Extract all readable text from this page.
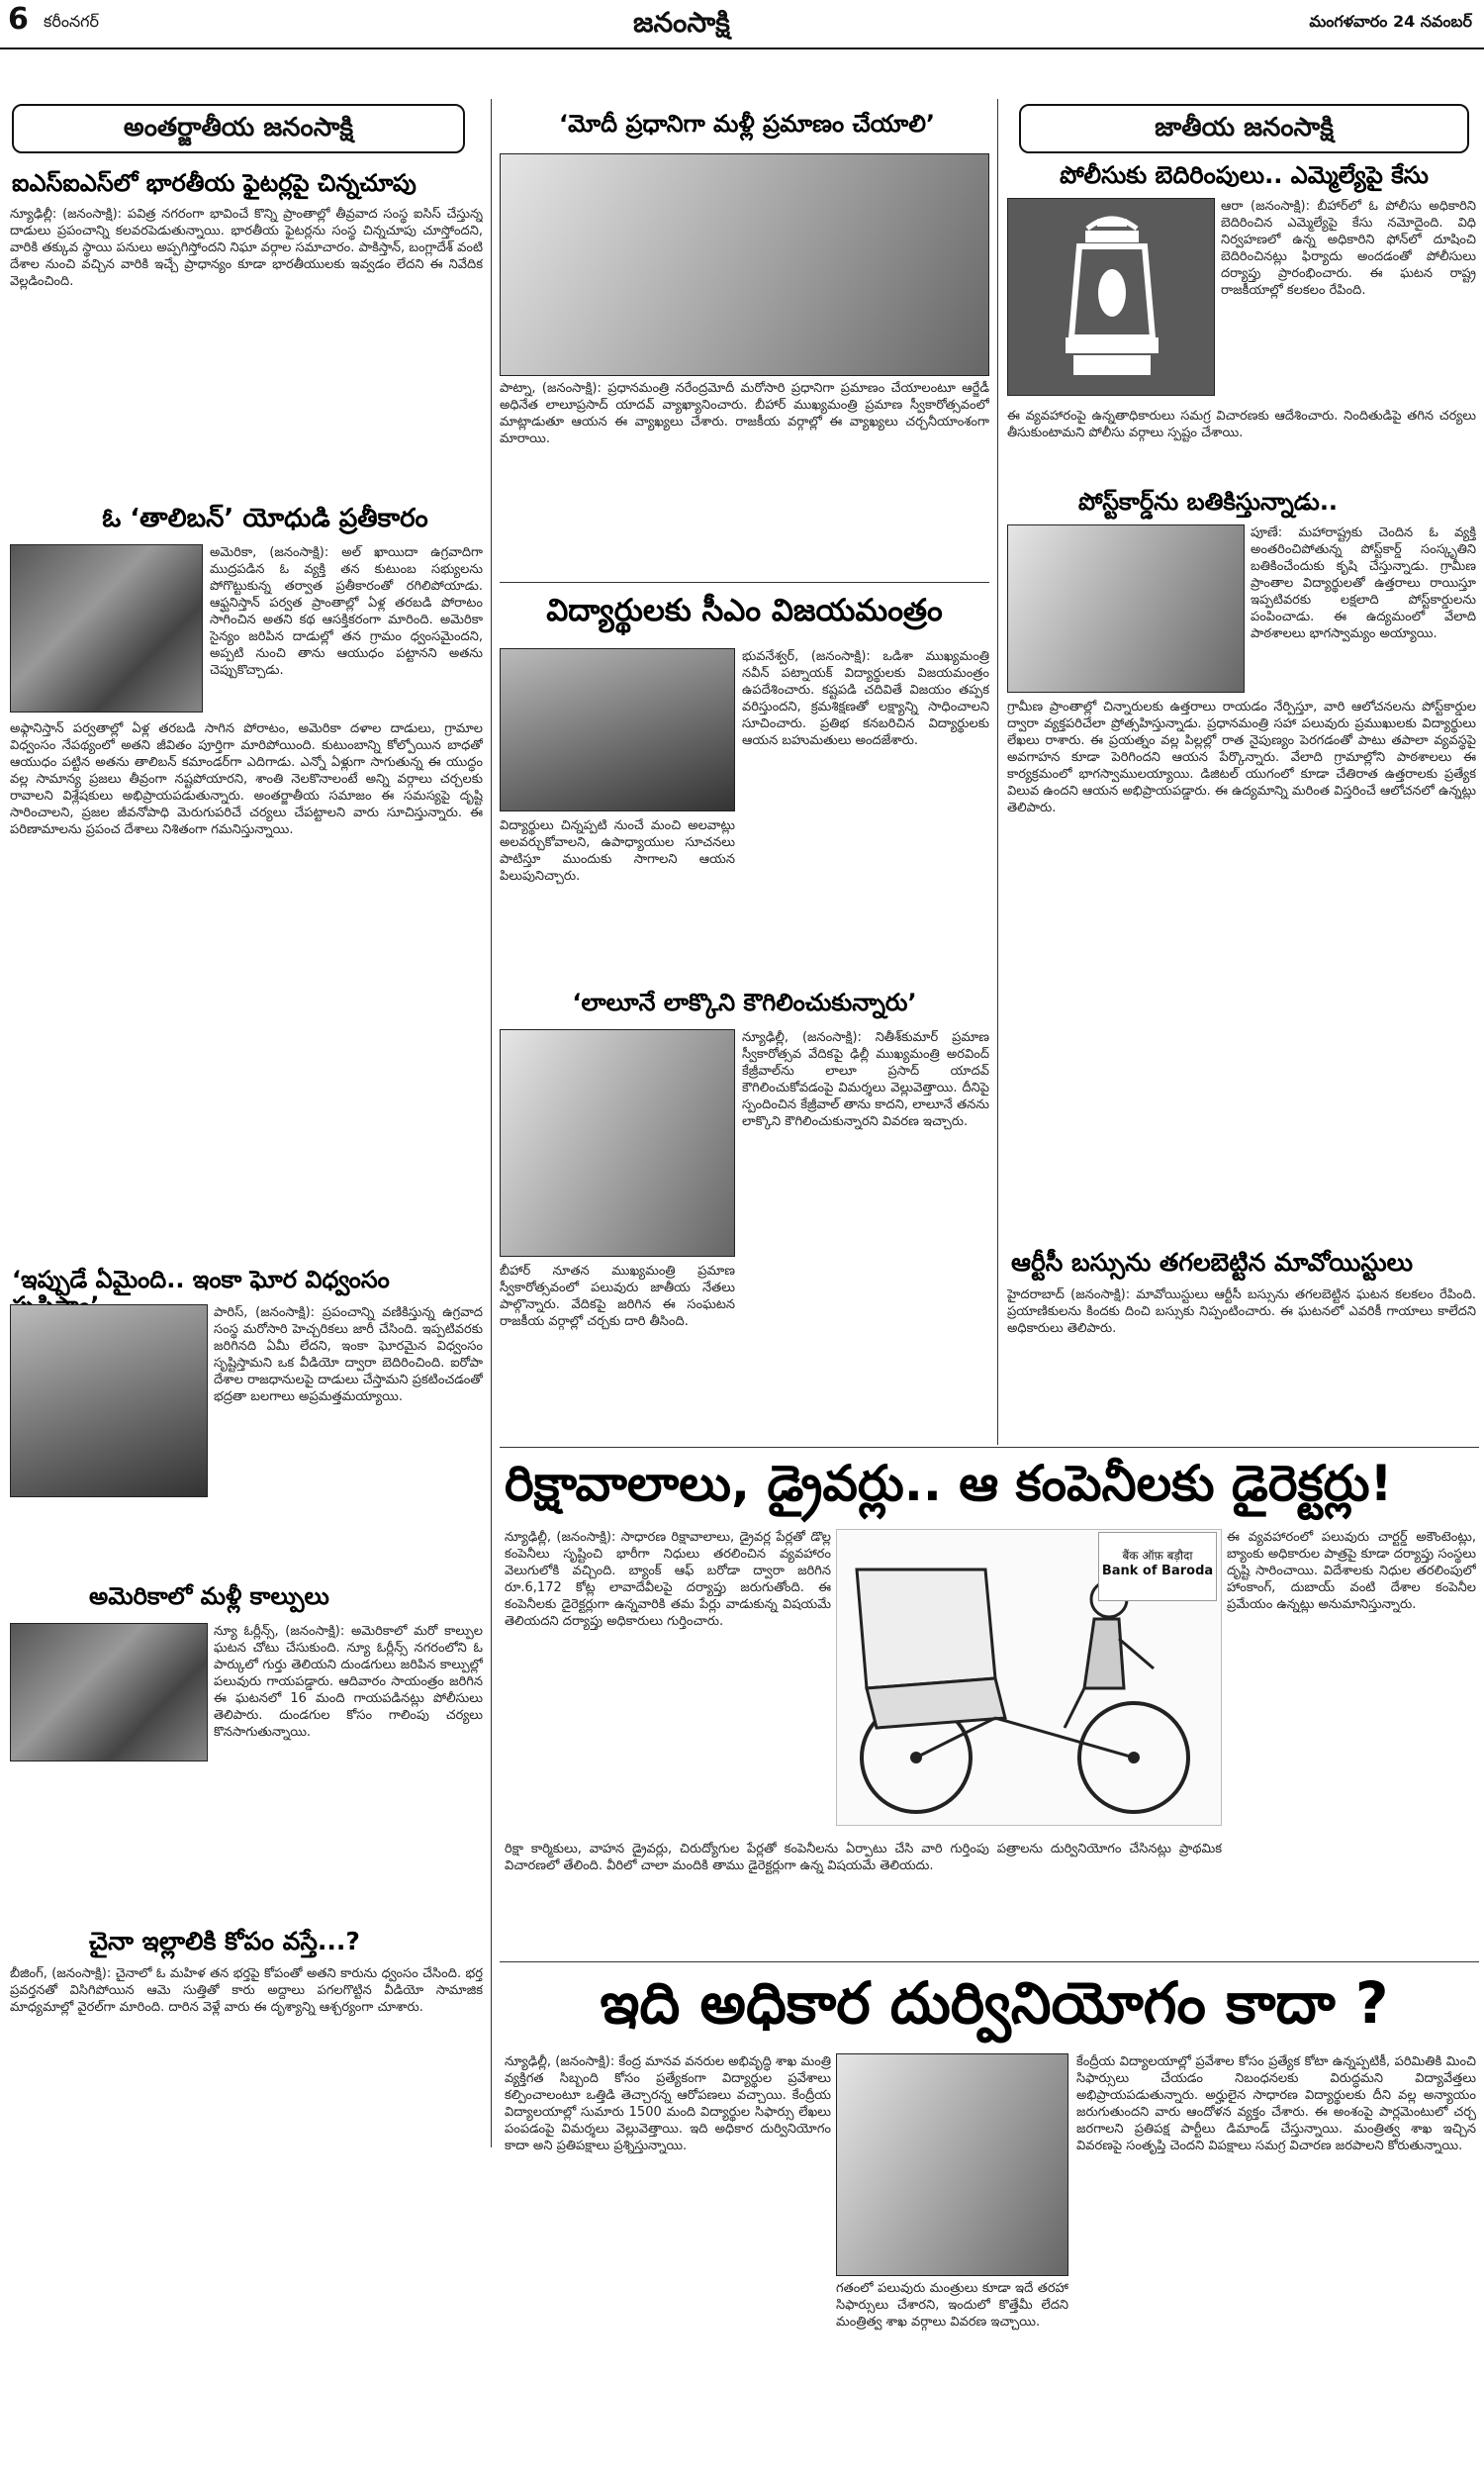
6 కరీంనగర్	జనంసాక్షి	మంగళవారం 24 నవంబర్
అంతర్జాతీయ జనంసాక్షి
ఐఎస్‌ఐఎస్‌లో భారతీయ ఫైటర్లపై చిన్నచూపు
న్యూఢిల్లీ: (జనంసాక్షి): పవిత్ర నగరంగా భావించే కొన్ని ప్రాంతాల్లో తీవ్రవాద సంస్థ ఐసిస్‌ చేస్తున్న దాడులు ప్రపంచాన్ని కలవరపెడుతున్నాయి. భారతీయ ఫైటర్లను సంస్థ చిన్నచూపు చూస్తోందని, వారికి తక్కువ స్థాయి పనులు అప్పగిస్తోందని నిఘా వర్గాల సమాచారం. పాకిస్తాన్‌, బంగ్లాదేశ్‌ వంటి దేశాల నుంచి వచ్చిన వారికి ఇచ్చే ప్రాధాన్యం కూడా భారతీయులకు ఇవ్వడం లేదని ఈ నివేదిక వెల్లడించింది.
ఓ ‘తాలిబన్‌’ యోధుడి ప్రతీకారం
అమెరికా, (జనంసాక్షి): అల్‌ ఖాయిదా ఉగ్రవాదిగా ముద్రపడిన ఓ వ్యక్తి తన కుటుంబ సభ్యులను పోగొట్టుకున్న తర్వాత ప్రతీకారంతో రగిలిపోయాడు. ఆఫ్ఘనిస్తాన్‌ పర్వత ప్రాంతాల్లో ఏళ్ల తరబడి పోరాటం సాగించిన అతని కథ ఆసక్తికరంగా మారింది. అమెరికా సైన్యం జరిపిన దాడుల్లో తన గ్రామం ధ్వంసమైందని, అప్పటి నుంచి తాను ఆయుధం పట్టానని అతను చెప్పుకొచ్చాడు.
అఫ్గానిస్తాన్‌ పర్వతాల్లో ఏళ్ల తరబడి సాగిన పోరాటం, అమెరికా దళాల దాడులు, గ్రామాల విధ్వంసం నేపథ్యంలో అతని జీవితం పూర్తిగా మారిపోయింది. కుటుంబాన్ని కోల్పోయిన బాధతో ఆయుధం పట్టిన అతను తాలిబన్‌ కమాండర్‌గా ఎదిగాడు. ఎన్నో ఏళ్లుగా సాగుతున్న ఈ యుద్ధం వల్ల సామాన్య ప్రజలు తీవ్రంగా నష్టపోయారని, శాంతి నెలకొనాలంటే అన్ని వర్గాలు చర్చలకు రావాలని విశ్లేషకులు అభిప్రాయపడుతున్నారు. అంతర్జాతీయ సమాజం ఈ సమస్యపై దృష్టి సారించాలని, ప్రజల జీవనోపాధి మెరుగుపరిచే చర్యలు చేపట్టాలని వారు సూచిస్తున్నారు. ఈ పరిణామాలను ప్రపంచ దేశాలు నిశితంగా గమనిస్తున్నాయి.
‘ఇప్పుడే ఏమైంది.. ఇంకా ఘోర విధ్వంసం
పారిస్‌, (జనంసాక్షి): ప్రపంచాన్ని వణికిస్తున్న ఉగ్రవాద సంస్థ మరోసారి హెచ్చరికలు జారీ చేసింది. ఇప్పటివరకు జరిగినది ఏమీ లేదని, ఇంకా ఘోరమైన విధ్వంసం సృష్టిస్తామని ఒక వీడియో ద్వారా బెదిరించింది. ఐరోపా దేశాల రాజధానులపై దాడులు చేస్తామని ప్రకటించడంతో భద్రతా బలగాలు అప్రమత్తమయ్యాయి.
అమెరికాలో మళ్లీ కాల్పులు
న్యూ ఓర్లీన్స్‌, (జనంసాక్షి): అమెరికాలో మరో కాల్పుల ఘటన చోటు చేసుకుంది. న్యూ ఓర్లీన్స్‌ నగరంలోని ఓ పార్కులో గుర్తు తెలియని దుండగులు జరిపిన కాల్పుల్లో పలువురు గాయపడ్డారు. ఆదివారం సాయంత్రం జరిగిన ఈ ఘటనలో 16 మంది గాయపడినట్లు పోలీసులు తెలిపారు. దుండగుల కోసం గాలింపు చర్యలు కొనసాగుతున్నాయి.
చైనా ఇల్లాలికి కోపం వస్తే...?
బీజింగ్‌, (జనంసాక్షి): చైనాలో ఓ మహిళ తన భర్తపై కోపంతో అతని కారును ధ్వంసం చేసింది. భర్త ప్రవర్తనతో విసిగిపోయిన ఆమె సుత్తితో కారు అద్దాలు పగలగొట్టిన వీడియో సామాజిక మాధ్యమాల్లో వైరల్‌గా మారింది. దారిన వెళ్లే వారు ఈ దృశ్యాన్ని ఆశ్చర్యంగా చూశారు.
‘మోదీ ప్రధానిగా మళ్లీ ప్రమాణం చేయాలి’
పాట్నా, (జనంసాక్షి): ప్రధానమంత్రి నరేంద్రమోదీ మరోసారి ప్రధానిగా ప్రమాణం చేయాలంటూ ఆర్జేడీ అధినేత లాలూప్రసాద్‌ యాదవ్‌ వ్యాఖ్యానించారు. బీహార్‌ ముఖ్యమంత్రి ప్రమాణ స్వీకారోత్సవంలో మాట్లాడుతూ ఆయన ఈ వ్యాఖ్యలు చేశారు. రాజకీయ వర్గాల్లో ఈ వ్యాఖ్యలు చర్చనీయాంశంగా మారాయి.
విద్యార్థులకు సీఎం విజయమంత్రం
భువనేశ్వర్‌, (జనంసాక్షి): ఒడిశా ముఖ్యమంత్రి నవీన్‌ పట్నాయక్‌ విద్యార్థులకు విజయమంత్రం ఉపదేశించారు. కష్టపడి చదివితే విజయం తప్పక వరిస్తుందని, క్రమశిక్షణతో లక్ష్యాన్ని సాధించాలని సూచించారు. ప్రతిభ కనబరిచిన విద్యార్థులకు ఆయన బహుమతులు అందజేశారు.
విద్యార్థులు చిన్నప్పటి నుంచే మంచి అలవాట్లు అలవర్చుకోవాలని, ఉపాధ్యాయుల సూచనలు పాటిస్తూ ముందుకు సాగాలని ఆయన పిలుపునిచ్చారు.
‘లాలూనే లాక్కొని కౌగిలించుకున్నారు’
న్యూఢిల్లీ, (జనంసాక్షి): నితీశ్‌కుమార్‌ ప్రమాణ స్వీకారోత్సవ వేదికపై ఢిల్లీ ముఖ్యమంత్రి అరవింద్‌ కేజ్రీవాల్‌ను లాలూ ప్రసాద్‌ యాదవ్‌ కౌగిలించుకోవడంపై విమర్శలు వెల్లువెత్తాయి. దీనిపై స్పందించిన కేజ్రీవాల్‌ తాను కాదని, లాలూనే తనను లాక్కొని కౌగిలించుకున్నారని వివరణ ఇచ్చారు.
బీహార్‌ నూతన ముఖ్యమంత్రి ప్రమాణ స్వీకారోత్సవంలో పలువురు జాతీయ నేతలు పాల్గొన్నారు. వేదికపై జరిగిన ఈ సంఘటన రాజకీయ వర్గాల్లో చర్చకు దారి తీసింది.
జాతీయ జనంసాక్షి
పోలీసుకు బెదిరింపులు.. ఎమ్మెల్యేపై కేసు
ఆరా (జనంసాక్షి): బీహార్‌లో ఓ పోలీసు అధికారిని బెదిరించిన ఎమ్మెల్యేపై కేసు నమోదైంది. విధి నిర్వహణలో ఉన్న అధికారిని ఫోన్‌లో దూషించి బెదిరించినట్లు ఫిర్యాదు అందడంతో పోలీసులు దర్యాప్తు ప్రారంభించారు. ఈ ఘటన రాష్ట్ర రాజకీయాల్లో కలకలం రేపింది.
ఈ వ్యవహారంపై ఉన్నతాధికారులు సమగ్ర విచారణకు ఆదేశించారు. నిందితుడిపై తగిన చర్యలు తీసుకుంటామని పోలీసు వర్గాలు స్పష్టం చేశాయి.
పోస్ట్‌కార్డ్‌ను బతికిస్తున్నాడు..
పూణే: మహారాష్ట్రకు చెందిన ఓ వ్యక్తి అంతరించిపోతున్న పోస్ట్‌కార్డ్‌ సంస్కృతిని బతికించేందుకు కృషి చేస్తున్నాడు. గ్రామీణ ప్రాంతాల విద్యార్థులతో ఉత్తరాలు రాయిస్తూ ఇప్పటివరకు లక్షలాది పోస్ట్‌కార్డులను పంపించాడు. ఈ ఉద్యమంలో వేలాది పాఠశాలలు భాగస్వామ్యం అయ్యాయి.
గ్రామీణ ప్రాంతాల్లో చిన్నారులకు ఉత్తరాలు రాయడం నేర్పిస్తూ, వారి ఆలోచనలను పోస్ట్‌కార్డుల ద్వారా వ్యక్తపరిచేలా ప్రోత్సహిస్తున్నాడు. ప్రధానమంత్రి సహా పలువురు ప్రముఖులకు విద్యార్థులు లేఖలు రాశారు. ఈ ప్రయత్నం వల్ల పిల్లల్లో రాత నైపుణ్యం పెరగడంతో పాటు తపాలా వ్యవస్థపై అవగాహన కూడా పెరిగిందని ఆయన పేర్కొన్నారు. వేలాది గ్రామాల్లోని పాఠశాలలు ఈ కార్యక్రమంలో భాగస్వాములయ్యాయి. డిజిటల్‌ యుగంలో కూడా చేతిరాత ఉత్తరాలకు ప్రత్యేక విలువ ఉందని ఆయన అభిప్రాయపడ్డారు. ఈ ఉద్యమాన్ని మరింత విస్తరించే ఆలోచనలో ఉన్నట్లు తెలిపారు.
ఆర్టీసీ బస్సును తగలబెట్టిన మావోయిస్టులు
హైదరాబాద్‌ (జనంసాక్షి): మావోయిస్టులు ఆర్టీసీ బస్సును తగలబెట్టిన ఘటన కలకలం రేపింది. ప్రయాణికులను కిందకు దించి బస్సుకు నిప్పంటించారు. ఈ ఘటనలో ఎవరికీ గాయాలు కాలేదని అధికారులు తెలిపారు.
రిక్షావాలాలు, డ్రైవర్లు.. ఆ కంపెనీలకు డైరెక్టర్లు!
న్యూఢిల్లీ, (జనంసాక్షి): సాధారణ రిక్షావాలాలు, డ్రైవర్ల పేర్లతో డొల్ల కంపెనీలు సృష్టించి భారీగా నిధులు తరలించిన వ్యవహారం వెలుగులోకి వచ్చింది. బ్యాంక్‌ ఆఫ్‌ బరోడా ద్వారా జరిగిన రూ.6,172 కోట్ల లావాదేవీలపై దర్యాప్తు జరుగుతోంది. ఈ కంపెనీలకు డైరెక్టర్లుగా ఉన్నవారికి తమ పేర్లు వాడుకున్న విషయమే తెలియదని దర్యాప్తు అధికారులు గుర్తించారు.
बैंक ऑफ़ बड़ौदा
Bank of Baroda
ఈ వ్యవహారంలో పలువురు చార్టర్డ్‌ అకౌంటెంట్లు, బ్యాంకు అధికారుల పాత్రపై కూడా దర్యాప్తు సంస్థలు దృష్టి సారించాయి. విదేశాలకు నిధుల తరలింపులో హాంకాంగ్‌, దుబాయ్‌ వంటి దేశాల కంపెనీల ప్రమేయం ఉన్నట్లు అనుమానిస్తున్నారు.
రిక్షా కార్మికులు, వాహన డ్రైవర్లు, చిరుద్యోగుల పేర్లతో కంపెనీలను ఏర్పాటు చేసి వారి గుర్తింపు పత్రాలను దుర్వినియోగం చేసినట్లు ప్రాథమిక విచారణలో తేలింది. వీరిలో చాలా మందికి తాము డైరెక్టర్లుగా ఉన్న విషయమే తెలియదు.
ఇది అధికార దుర్వినియోగం కాదా ?
న్యూఢిల్లీ, (జనంసాక్షి): కేంద్ర మానవ వనరుల అభివృద్ధి శాఖ మంత్రి వ్యక్తిగత సిబ్బంది కోసం ప్రత్యేకంగా విద్యార్థుల ప్రవేశాలు కల్పించాలంటూ ఒత్తిడి తెచ్చారన్న ఆరోపణలు వచ్చాయి. కేంద్రీయ విద్యాలయాల్లో సుమారు 1500 మంది విద్యార్థుల సిఫార్సు లేఖలు పంపడంపై విమర్శలు వెల్లువెత్తాయి. ఇది అధికార దుర్వినియోగం కాదా అని ప్రతిపక్షాలు ప్రశ్నిస్తున్నాయి.
గతంలో పలువురు మంత్రులు కూడా ఇదే తరహా సిఫార్సులు చేశారని, ఇందులో కొత్తేమీ లేదని మంత్రిత్వ శాఖ వర్గాలు వివరణ ఇచ్చాయి.
కేంద్రీయ విద్యాలయాల్లో ప్రవేశాల కోసం ప్రత్యేక కోటా ఉన్నప్పటికీ, పరిమితికి మించి సిఫార్సులు చేయడం నిబంధనలకు విరుద్ధమని విద్యావేత్తలు అభిప్రాయపడుతున్నారు. అర్హులైన సాధారణ విద్యార్థులకు దీని వల్ల అన్యాయం జరుగుతుందని వారు ఆందోళన వ్యక్తం చేశారు. ఈ అంశంపై పార్లమెంటులో చర్చ జరగాలని ప్రతిపక్ష పార్టీలు డిమాండ్‌ చేస్తున్నాయి. మంత్రిత్వ శాఖ ఇచ్చిన వివరణపై సంతృప్తి చెందని విపక్షాలు సమగ్ర విచారణ జరపాలని కోరుతున్నాయి.
